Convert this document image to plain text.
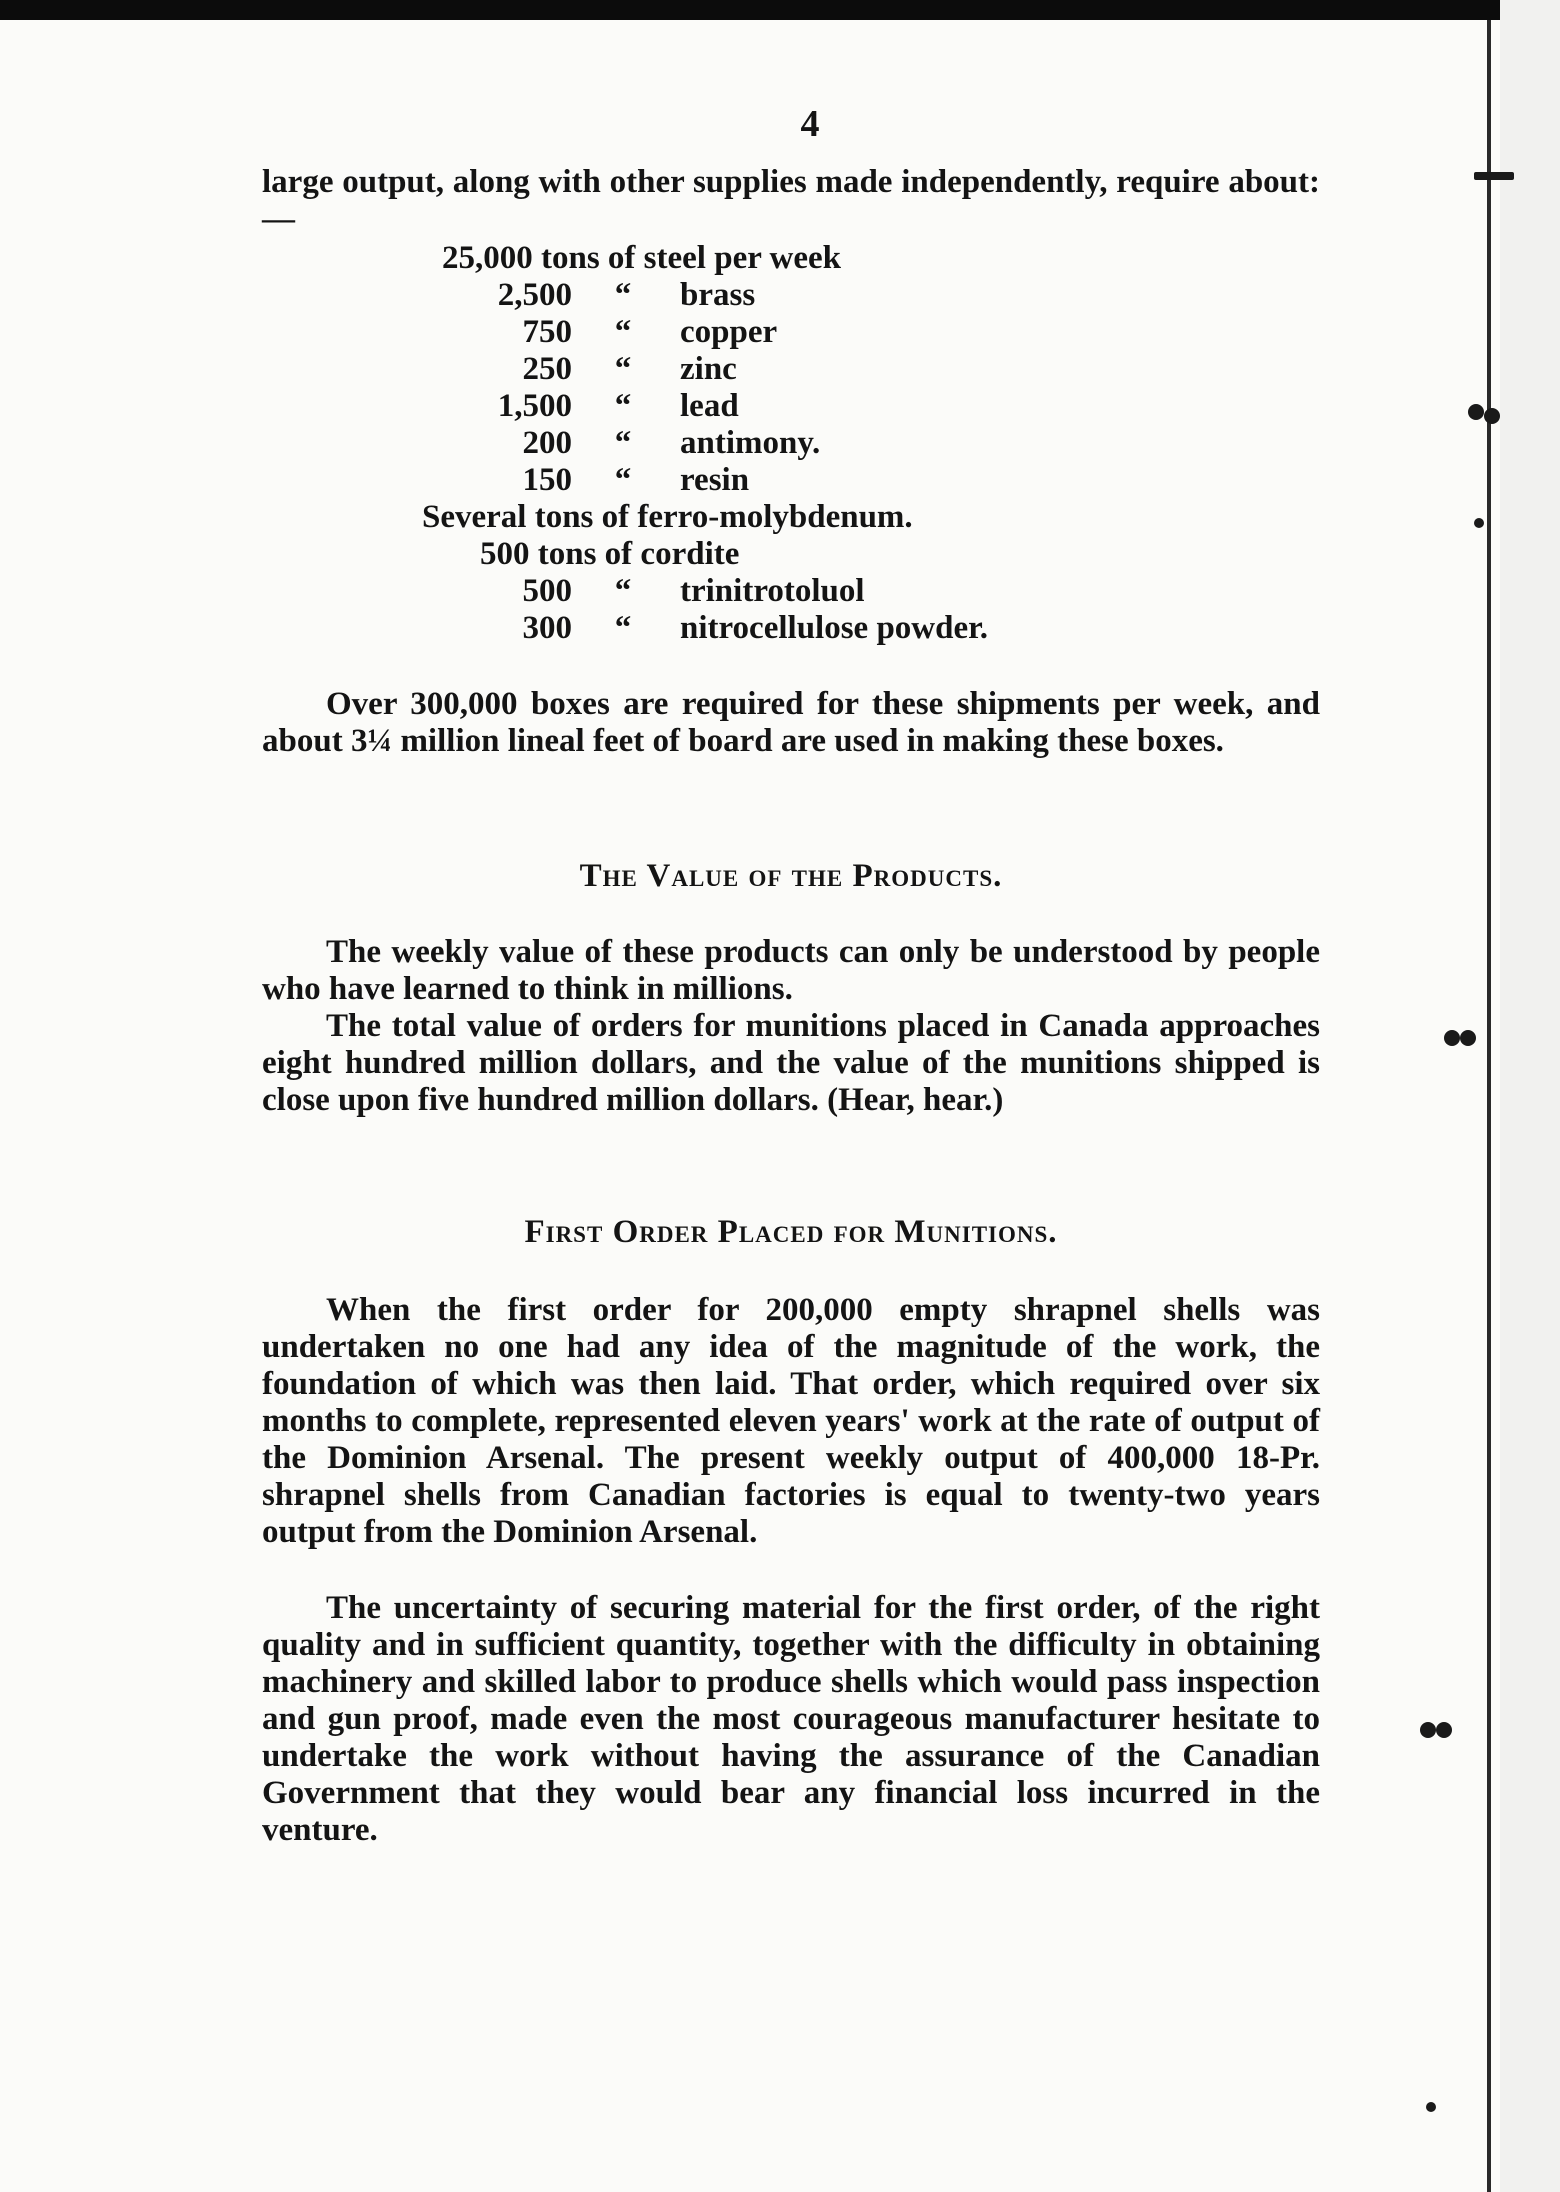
4

large output, along with other supplies made independently, require about:—

25,000 tons of steel per week
2,500 “ brass
750 “ copper
250 “ zinc
1,500 “ lead
200 “ antimony.
150 “ resin
Several tons of ferro-molybdenum.
500 tons of cordite
500 “ trinitrotoluol
300 “ nitrocellulose powder.

Over 300,000 boxes are required for these shipments per week, and about 3¼ million lineal feet of board are used in making these boxes.

The Value of the Products.

The weekly value of these products can only be understood by people who have learned to think in millions.

The total value of orders for munitions placed in Canada approaches eight hundred million dollars, and the value of the munitions shipped is close upon five hundred million dollars. (Hear, hear.)

First Order Placed for Munitions.

When the first order for 200,000 empty shrapnel shells was undertaken no one had any idea of the magnitude of the work, the foundation of which was then laid. That order, which required over six months to complete, represented eleven years' work at the rate of output of the Dominion Arsenal. The present weekly output of 400,000 18-Pr. shrapnel shells from Canadian factories is equal to twenty-two years output from the Dominion Arsenal.

The uncertainty of securing material for the first order, of the right quality and in sufficient quantity, together with the difficulty in obtaining machinery and skilled labor to produce shells which would pass inspection and gun proof, made even the most courageous manufacturer hesitate to undertake the work without having the assurance of the Canadian Government that they would bear any financial loss incurred in the venture.
